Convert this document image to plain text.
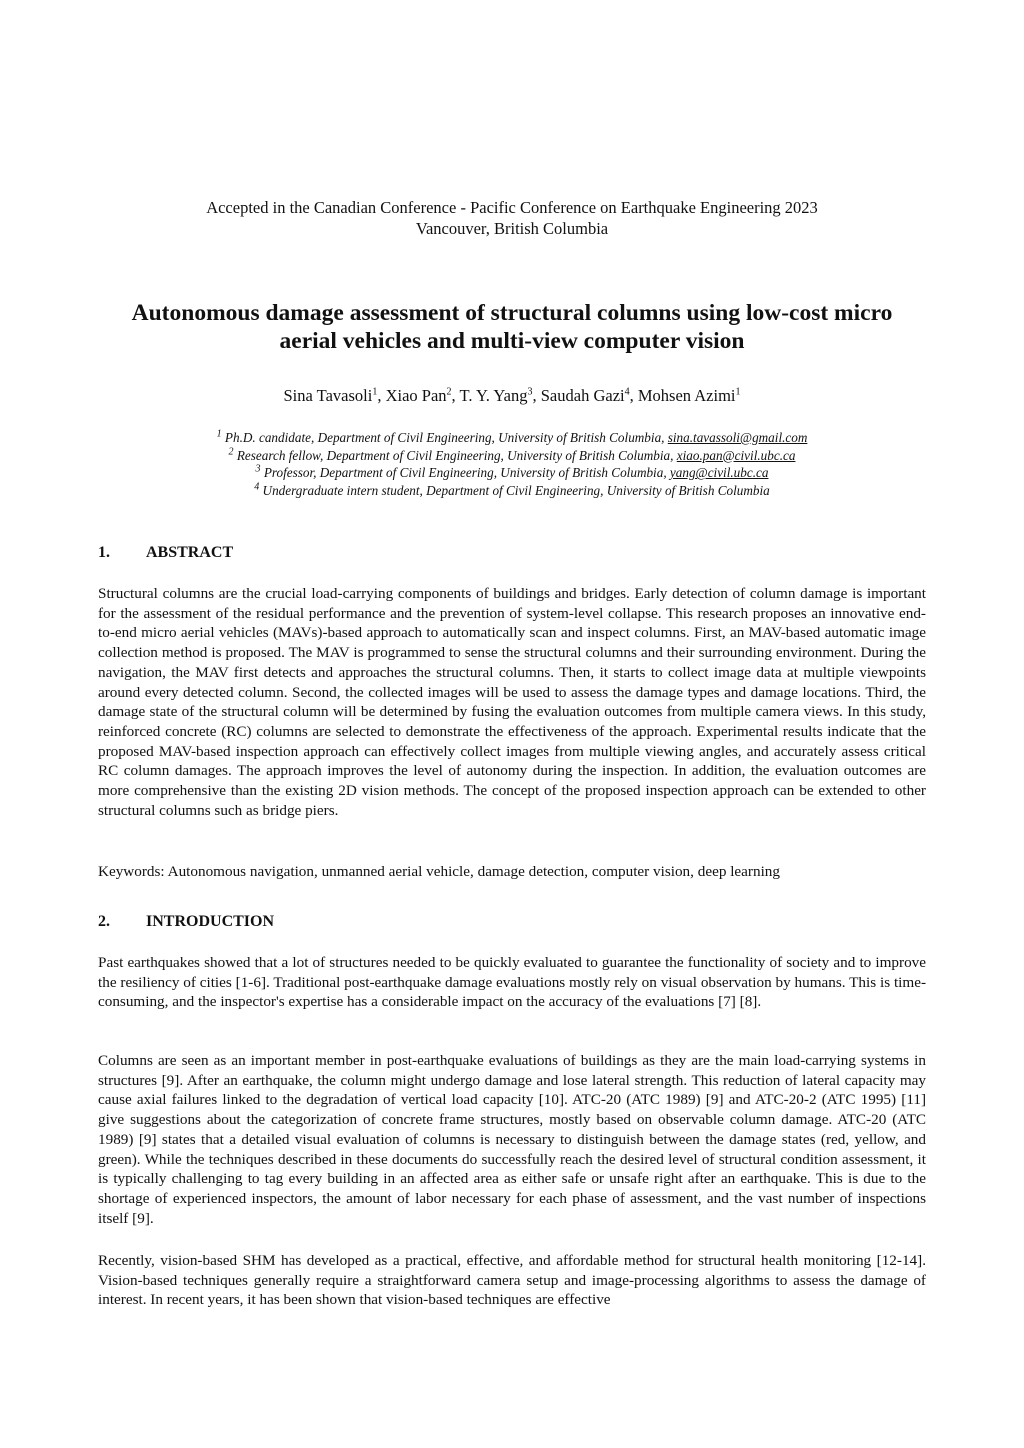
Accepted in the Canadian Conference - Pacific Conference on Earthquake Engineering 2023
Vancouver, British Columbia
Autonomous damage assessment of structural columns using low-cost micro
aerial vehicles and multi-view computer vision
Sina Tavasoli$^1$, Xiao Pan$^2$, T. Y. Yang$^3$, Saudah Gazi$^4$, Mohsen Azimi$^1$
$^1$ Ph.D. candidate, Department of Civil Engineering, University of British Columbia, sina.tavassoli@gmail.com
$^2$ Research fellow, Department of Civil Engineering, University of British Columbia, xiao.pan@civil.ubc.ca
$^3$ Professor, Department of Civil Engineering, University of British Columbia, yang@civil.ubc.ca
$^4$ Undergraduate intern student, Department of Civil Engineering, University of British Columbia
1. ABSTRACT

Structural columns are the crucial load-carrying components of buildings and bridges. Early detection of column damage is important for the assessment of the residual performance and the prevention of system-level collapse. This research proposes an innovative end-to-end micro aerial vehicles (MAVs)-based approach to automatically scan and inspect columns. First, an MAV-based automatic image collection method is proposed. The MAV is programmed to sense the structural columns and their surrounding environment. During the navigation, the MAV first detects and approaches the structural columns. Then, it starts to collect image data at multiple viewpoints around every detected column. Second, the collected images will be used to assess the damage types and damage locations. Third, the damage state of the structural column will be determined by fusing the evaluation outcomes from multiple camera views. In this study, reinforced concrete (RC) columns are selected to demonstrate the effectiveness of the approach. Experimental results indicate that the proposed MAV-based inspection approach can effectively collect images from multiple viewing angles, and accurately assess critical RC column damages. The approach improves the level of autonomy during the inspection. In addition, the evaluation outcomes are more comprehensive than the existing 2D vision methods. The concept of the proposed inspection approach can be extended to other structural columns such as bridge piers.

Keywords: Autonomous navigation, unmanned aerial vehicle, damage detection, computer vision, deep learning

2. INTRODUCTION

Past earthquakes showed that a lot of structures needed to be quickly evaluated to guarantee the functionality of society and to improve the resiliency of cities [1-6]. Traditional post-earthquake damage evaluations mostly rely on visual observation by humans. This is time-consuming, and the inspector's expertise has a considerable impact on the accuracy of the evaluations [7] [8].

Columns are seen as an important member in post-earthquake evaluations of buildings as they are the main load-carrying systems in structures [9]. After an earthquake, the column might undergo damage and lose lateral strength. This reduction of lateral capacity may cause axial failures linked to the degradation of vertical load capacity [10]. ATC-20 (ATC 1989) [9] and ATC-20-2 (ATC 1995) [11] give suggestions about the categorization of concrete frame structures, mostly based on observable column damage. ATC-20 (ATC 1989) [9] states that a detailed visual evaluation of columns is necessary to distinguish between the damage states (red, yellow, and green). While the techniques described in these documents do successfully reach the desired level of structural condition assessment, it is typically challenging to tag every building in an affected area as either safe or unsafe right after an earthquake. This is due to the shortage of experienced inspectors, the amount of labor necessary for each phase of assessment, and the vast number of inspections itself [9].

Recently, vision-based SHM has developed as a practical, effective, and affordable method for structural health monitoring [12-14]. Vision-based techniques generally require a straightforward camera setup and image-processing algorithms to assess the damage of interest. In recent years, it has been shown that vision-based techniques are effective
